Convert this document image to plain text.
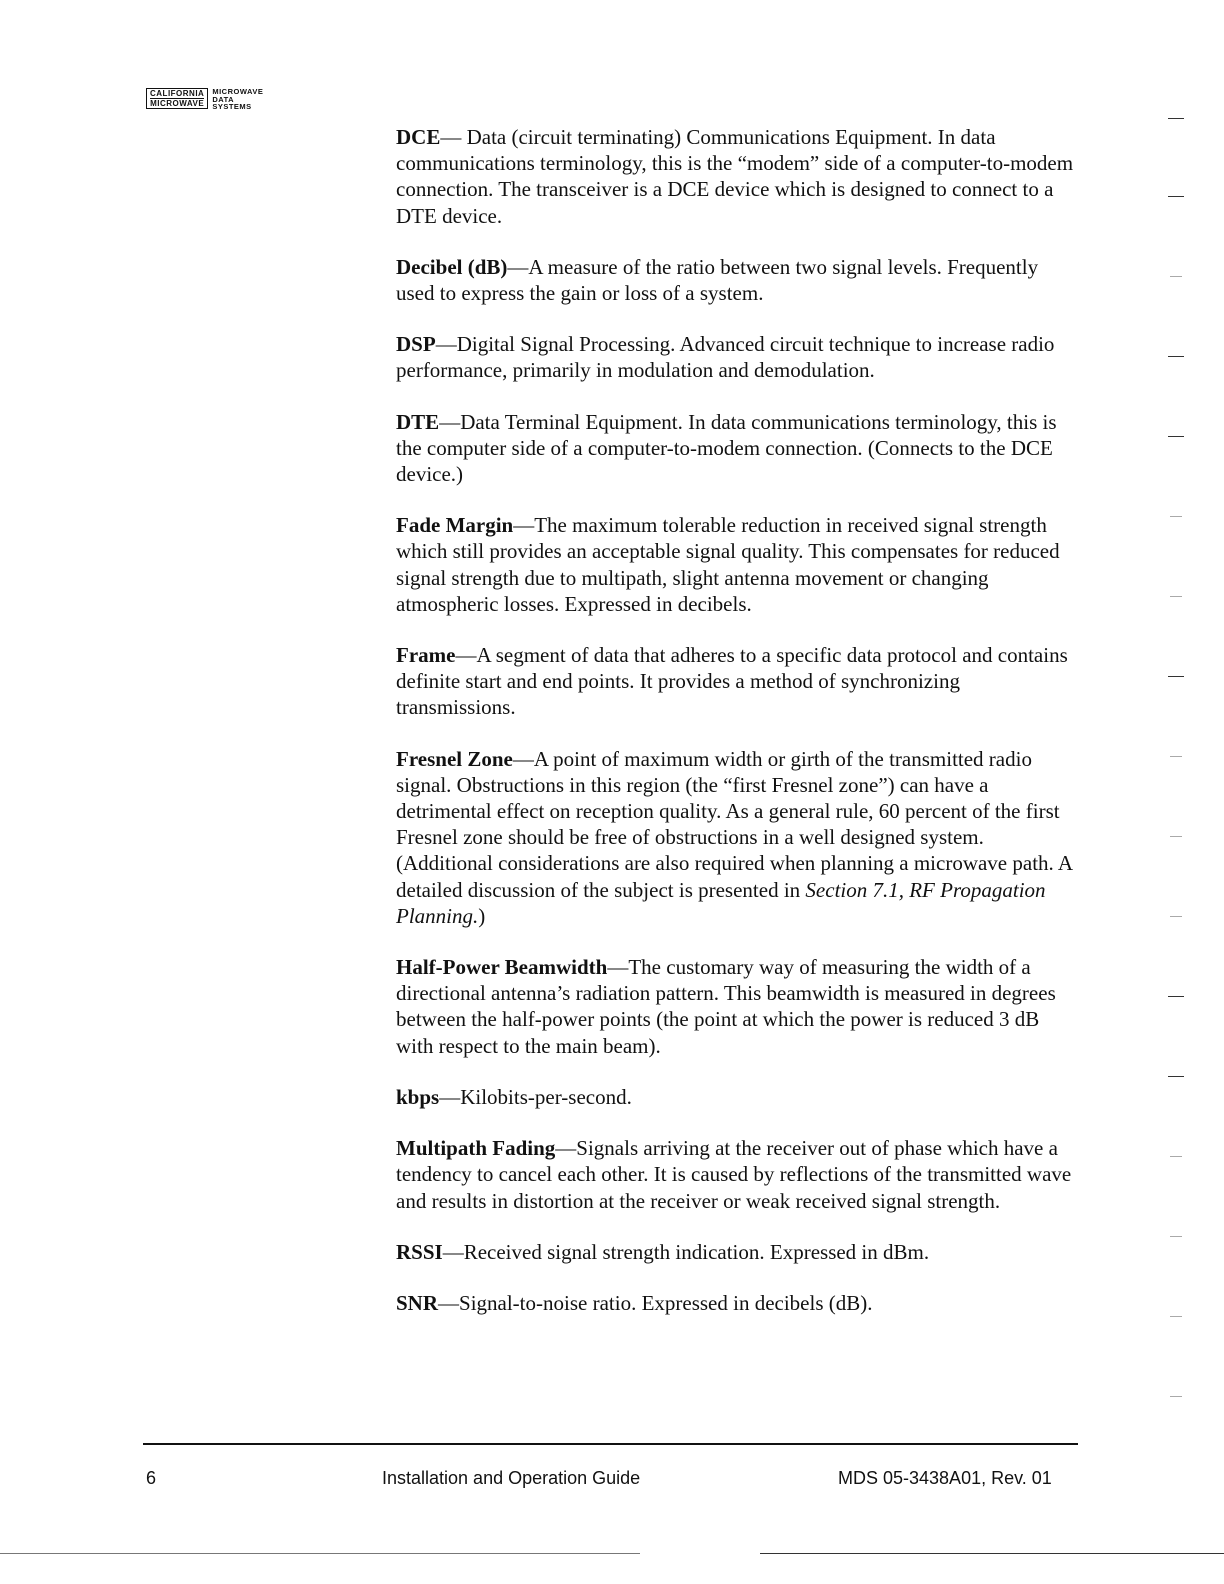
CALIFORNIA
MICROWAVE
MICROWAVE
DATA
SYSTEMS

DCE— Data (circuit terminating) Communications Equipment. In data communications terminology, this is the “modem” side of a computer-to-modem connection. The transceiver is a DCE device which is designed to connect to a DTE device.

Decibel (dB)—A measure of the ratio between two signal levels. Frequently used to express the gain or loss of a system.

DSP—Digital Signal Processing. Advanced circuit technique to increase radio performance, primarily in modulation and demodulation.

DTE—Data Terminal Equipment. In data communications terminology, this is the computer side of a computer-to-modem connection. (Connects to the DCE device.)

Fade Margin—The maximum tolerable reduction in received signal strength which still provides an acceptable signal quality. This compensates for reduced signal strength due to multipath, slight antenna movement or changing atmospheric losses. Expressed in decibels.

Frame—A segment of data that adheres to a specific data protocol and contains definite start and end points. It provides a method of synchronizing transmissions.

Fresnel Zone—A point of maximum width or girth of the transmitted radio signal. Obstructions in this region (the “first Fresnel zone”) can have a detrimental effect on reception quality. As a general rule, 60 percent of the first Fresnel zone should be free of obstructions in a well designed system. (Additional considerations are also required when planning a microwave path. A detailed discussion of the subject is presented in Section 7.1, RF Propagation Planning.)

Half-Power Beamwidth—The customary way of measuring the width of a directional antenna’s radiation pattern. This beamwidth is measured in degrees between the half-power points (the point at which the power is reduced 3 dB with respect to the main beam).

kbps—Kilobits-per-second.

Multipath Fading—Signals arriving at the receiver out of phase which have a tendency to cancel each other. It is caused by reflections of the transmitted wave and results in distortion at the receiver or weak received signal strength.

RSSI—Received signal strength indication. Expressed in dBm.

SNR—Signal-to-noise ratio. Expressed in decibels (dB).

6	Installation and Operation Guide	MDS 05-3438A01, Rev. 01
